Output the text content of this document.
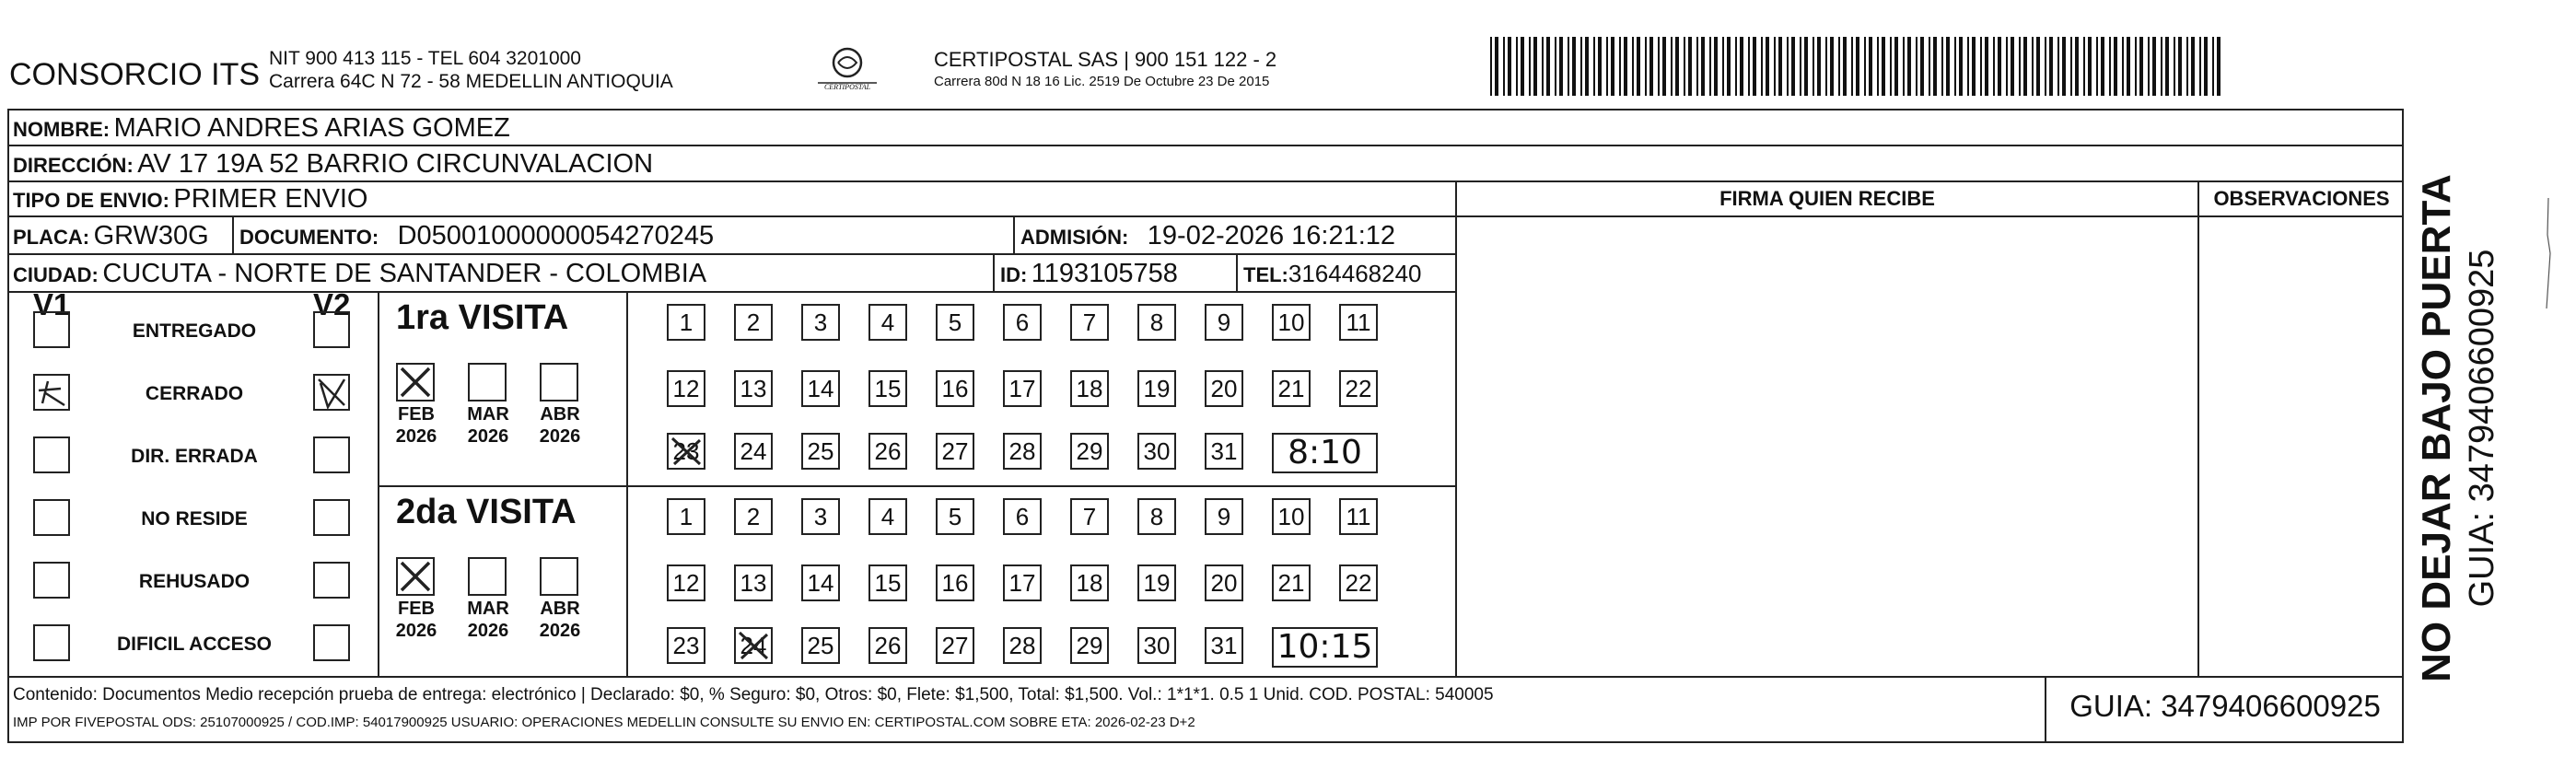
CONSORCIO ITS NIT 900 413 115 - TEL 604 3201000
Carrera 64C N 72 - 58 MEDELLIN ANTIOQUIA	CERTIPOSTAL
CERTIPOSTAL SAS | 900 151 122 - 2
Carrera 80d N 18 16 Lic. 2519 De Octubre 23 De 2015
NOMBRE: MARIO ANDRES ARIAS GOMEZ
DIRECCIÓN: AV 17 19A 52 BARRIO CIRCUNVALACION
TIPO DE ENVIO: PRIMER ENVIO
PLACA: GRW30G DOCUMENTO: D05001000000054270245	ADMISIÓN: 19-02-2026 16:21:12
CIUDAD: CUCUTA - NORTE DE SANTANDER - COLOMBIA	ID: 1193105758	TEL:3164468240
FIRMA QUIEN RECIBE	OBSERVACIONES
V1	V2
ENTREGADO
CERRADO
DIR. ERRADA
NO RESIDE
REHUSADO
DIFICIL ACCESO
1ra VISITA
FEB
2026
MAR
2026
ABR
2026
1	2	3	4	5	6	7	8	9	10 11
12 13 14 15 16 17 18 19 20 21 22
23 24 25 26 27 28 29 30 31	8:10
2da VISITA
FEB
2026
MAR
2026
ABR
2026
1	2	3	4	5	6	7	8	9	10 11
12 13 14 15 16 17 18 19 20 21 22
23 24 25 26 27 28 29 30 31 10:15
Contenido: Documentos Medio recepción prueba de entrega: electrónico | Declarado: $0, % Seguro: $0, Otros: $0, Flete: $1,500, Total: $1,500. Vol.: 1*1*1. 0.5 1 Unid. COD. POSTAL: 540005
IMP POR FIVEPOSTAL ODS: 25107000925 / COD.IMP: 54017900925 USUARIO: OPERACIONES MEDELLIN CONSULTE SU ENVIO EN: CERTIPOSTAL.COM SOBRE ETA: 2026-02-23 D+2	GUIA: 3479406600925
NO DEJAR BAJO PUERTA GUIA: 3479406600925
